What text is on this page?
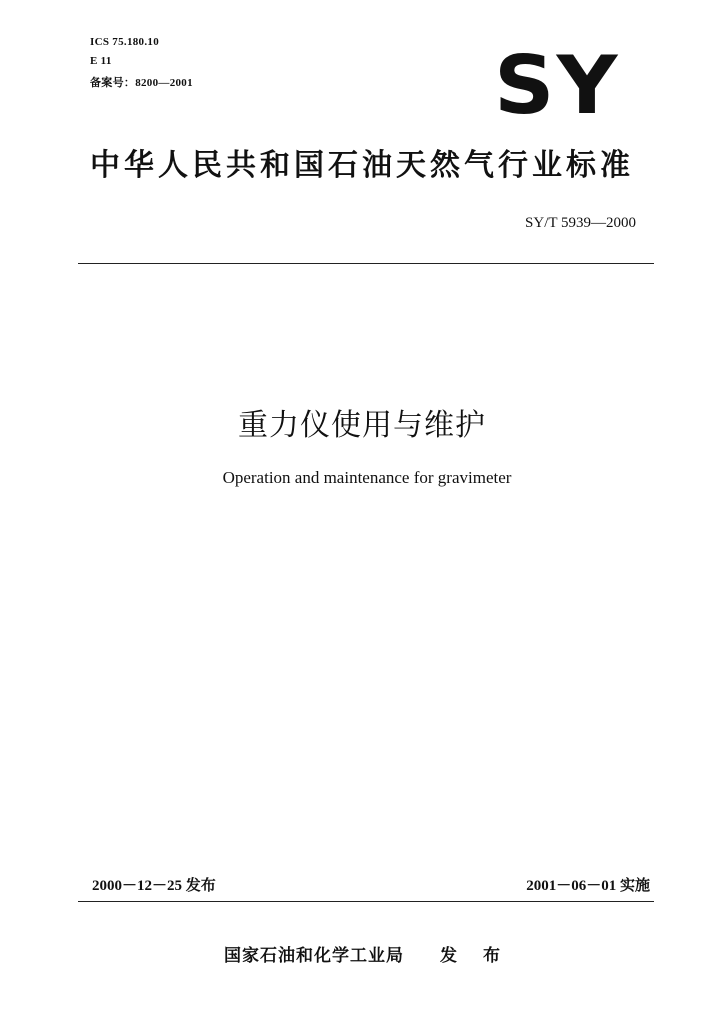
ICS 75.180.10
E 11
备案号：8200—2001	SY
中华人民共和国石油天然气行业标准
SY/T 5939—2000
重力仪使用与维护
Operation and maintenance for gravimeter
2000－12－25 发布	2001－06－01 实施
国家石油和化学工业局 发 布
